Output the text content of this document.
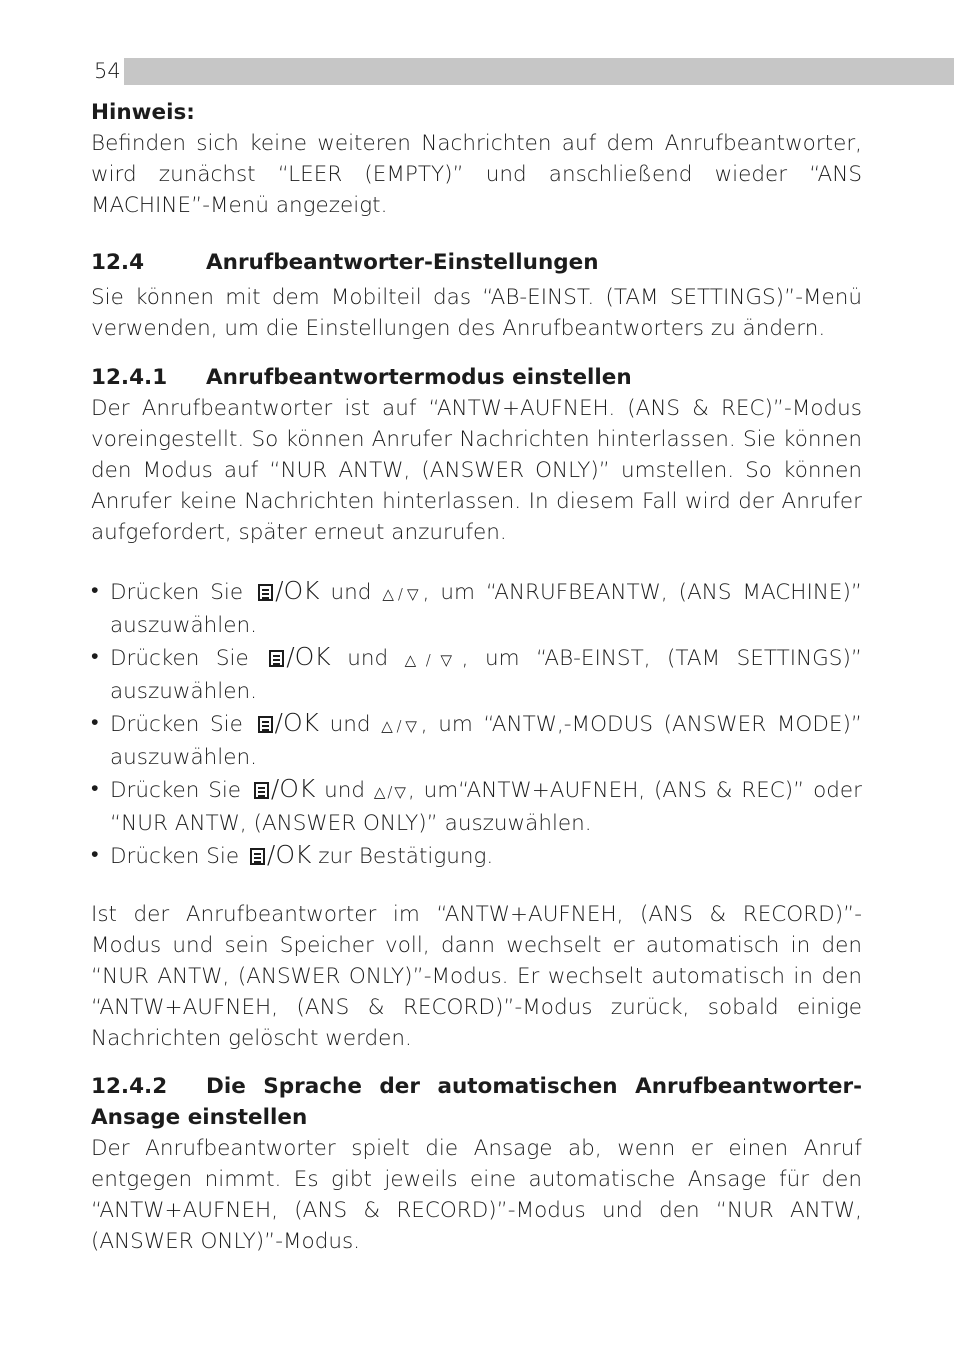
54

Hinweis:

Befinden sich keine weiteren Nachrichten auf dem Anrufbeantworter, wird zunächst “LEER (EMPTY)” und anschließend wieder “ANS MACHINE”-Menü angezeigt.

12.4	Anrufbeantworter-Einstellungen

Sie können mit dem Mobilteil das “AB-EINST. (TAM SETTINGS)”-Menü verwenden, um die Einstellungen des Anrufbeantworters zu ändern.

12.4.1	Anrufbeantwortermodus einstellen

Der Anrufbeantworter ist auf “ANTW+AUFNEH. (ANS & REC)”-Modus voreingestellt. So können Anrufer Nachrichten hinterlassen. Sie können den Modus auf “NUR ANTW, (ANSWER ONLY)” umstellen. So können Anrufer keine Nachrichten hinterlassen. In diesem Fall wird der Anrufer aufgefordert, später erneut anzurufen.

• Drücken Sie /OK und △/▽, um “ANRUFBEANTW, (ANS MACHINE)” auszuwählen.
• Drücken Sie /OK und △/▽, um “AB-EINST, (TAM SETTINGS)” auszuwählen.
• Drücken Sie /OK und △/▽, um “ANTW,-MODUS (ANSWER MODE)” auszuwählen.
• Drücken Sie /OK und △/▽, um“ANTW+AUFNEH, (ANS & REC)” oder “NUR ANTW, (ANSWER ONLY)” auszuwählen.
• Drücken Sie /OK zur Bestätigung.

Ist der Anrufbeantworter im “ANTW+AUFNEH, (ANS & RECORD)”-Modus und sein Speicher voll, dann wechselt er automatisch in den “NUR ANTW, (ANSWER ONLY)”-Modus. Er wechselt automatisch in den “ANTW+AUFNEH, (ANS & RECORD)”-Modus zurück, sobald einige Nachrichten gelöscht werden.

12.4.2 Die Sprache der automatischen Anrufbeantworter-Ansage einstellen

Der Anrufbeantworter spielt die Ansage ab, wenn er einen Anruf entgegen nimmt. Es gibt jeweils eine automatische Ansage für den “ANTW+AUFNEH, (ANS & RECORD)”-Modus und den “NUR ANTW, (ANSWER ONLY)”-Modus.
